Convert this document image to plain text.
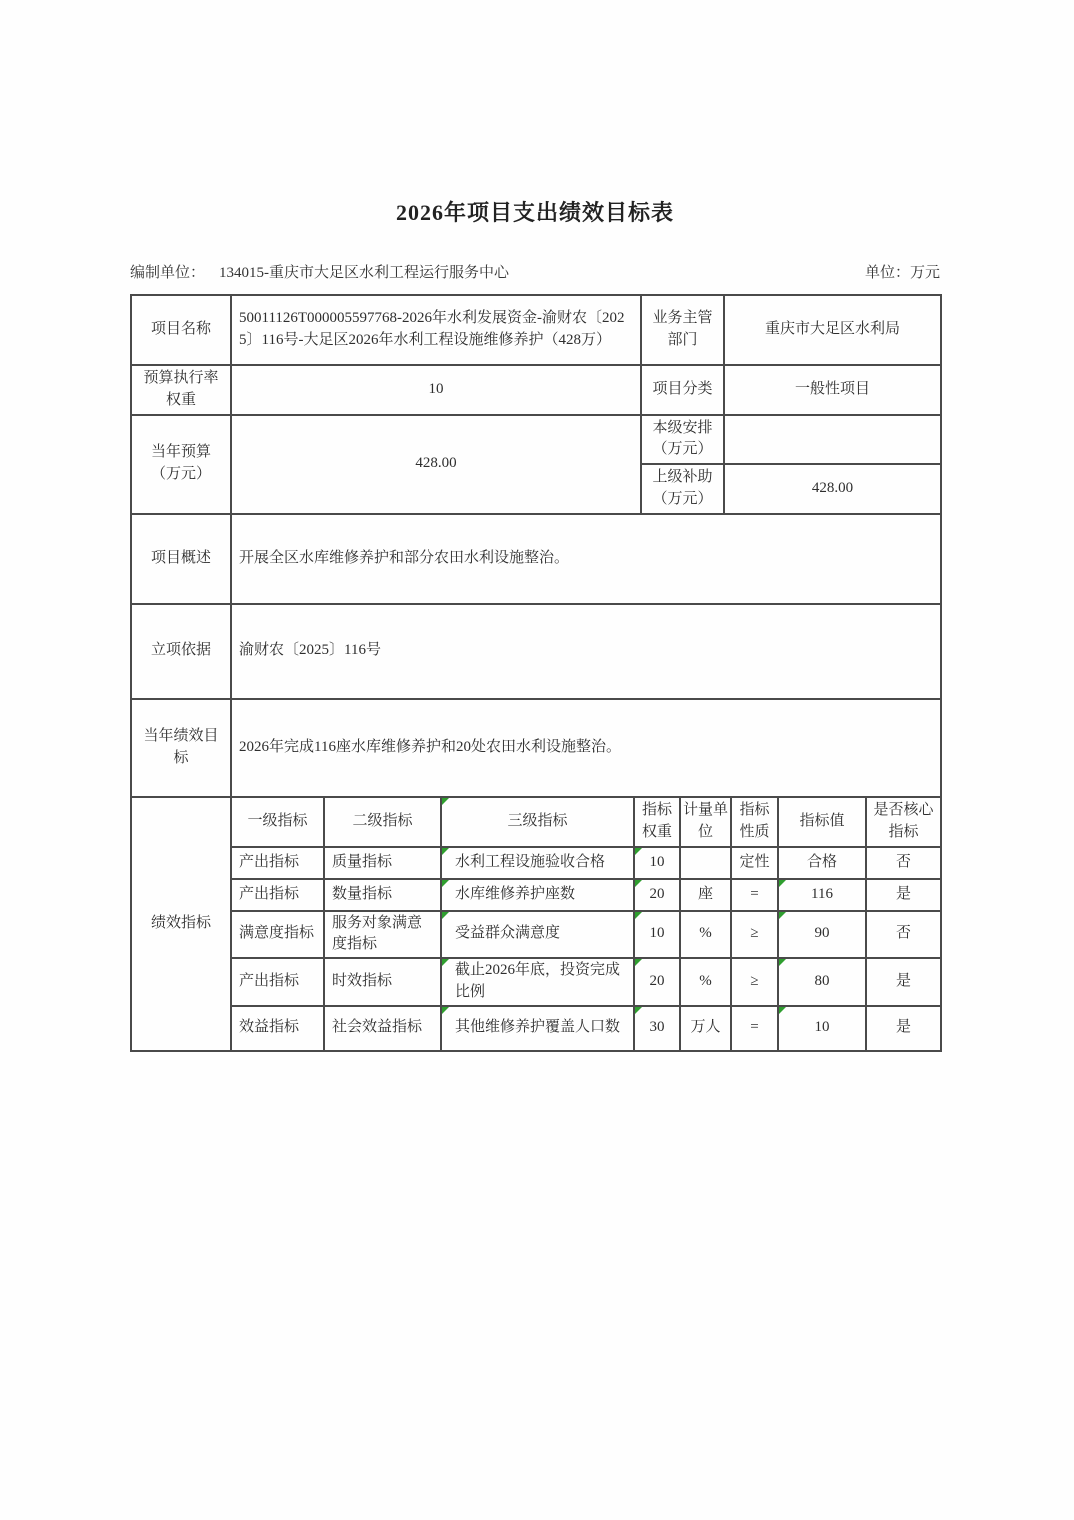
2026年项目支出绩效目标表
编制单位： 134015-重庆市大足区水利工程运行服务中心	单位：万元
项目名称	50011126T000005597768-2026年水利发展资金-渝财农〔2025〕116号-大足区2026年水利工程设施维修养护（428万）	业务主管部门	重庆市大足区水利局
预算执行率权重	10	项目分类	一般性项目
当年预算（万元）	428.00	本级安排（万元）	
		上级补助（万元）	428.00
项目概述	开展全区水库维修养护和部分农田水利设施整治。		
立项依据	渝财农〔2025〕116号		
当年绩效目标	2026年完成116座水库维修养护和20处农田水利设施整治。		
绩效指标	一级指标	二级指标	三级指标	指标权重	计量单位	指标性质	指标值	是否核心指标
	产出指标	质量指标	水利工程设施验收合格	10		定性	合格	否
	产出指标	数量指标	水库维修养护座数	20	座	=	116	是
	满意度指标	服务对象满意度指标	受益群众满意度	10	%	≥	90	否
	产出指标	时效指标	截止2026年底，投资完成比例	20	%	≥	80	是
	效益指标	社会效益指标	其他维修养护覆盖人口数	30	万人	=	10	是
